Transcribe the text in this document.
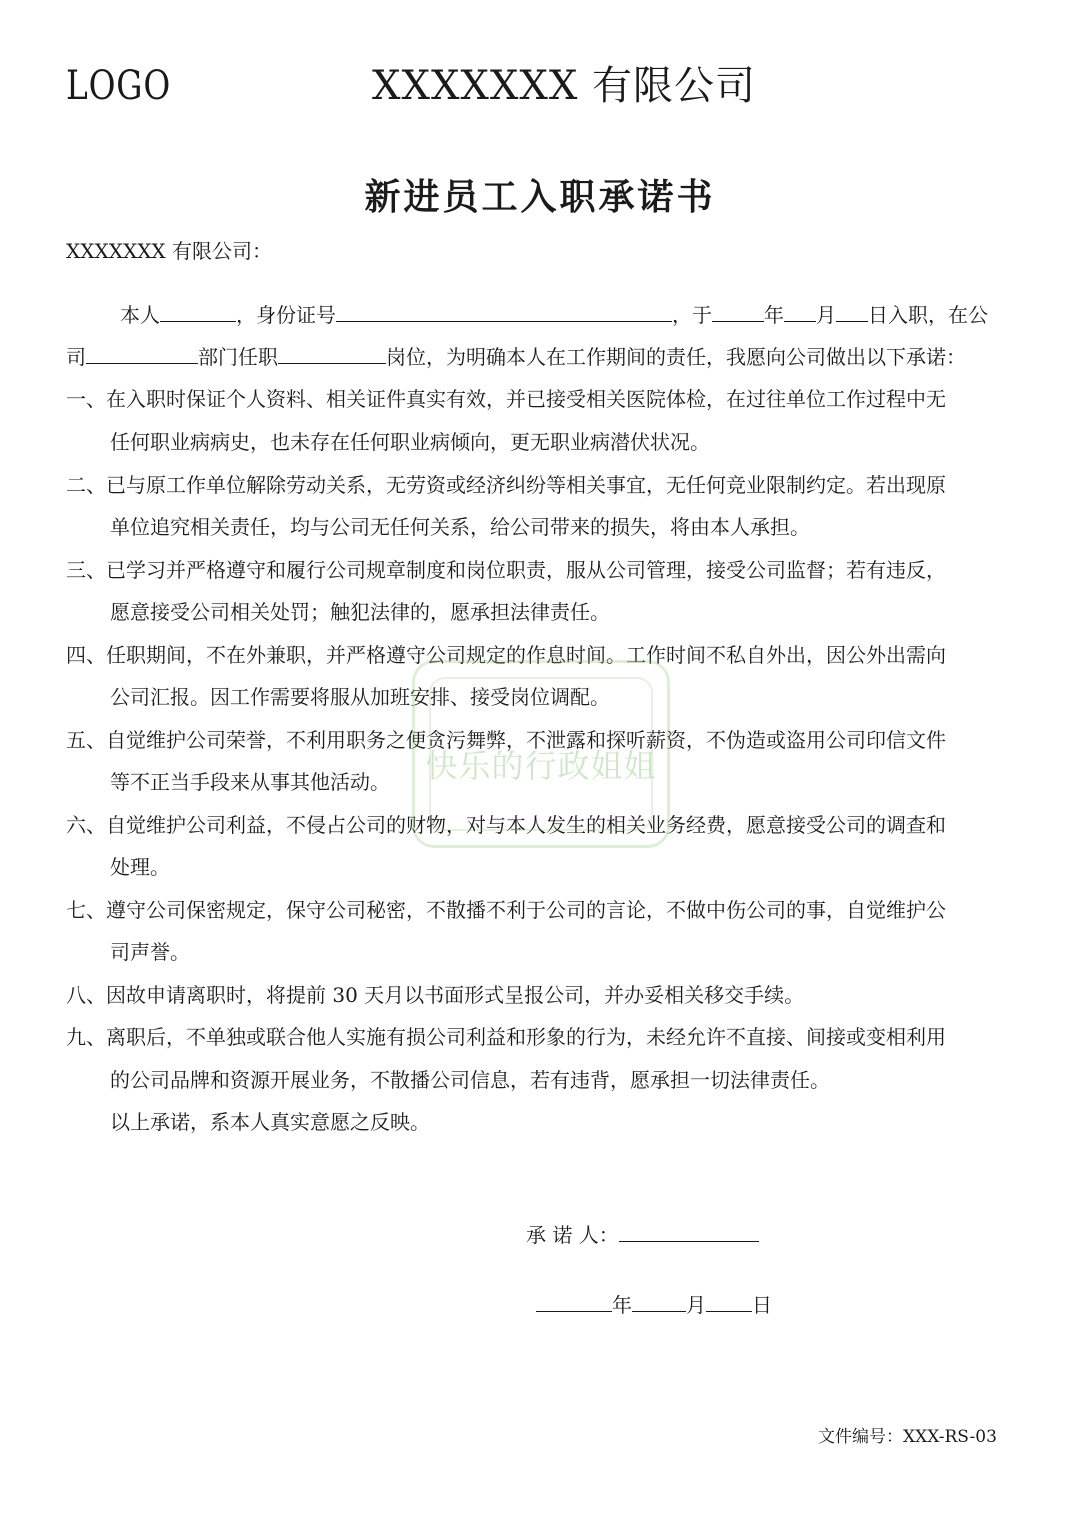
LOGO	XXXXXXX 有限公司
新进员工入职承诺书
XXXXXXX 有限公司：
本人	，身份证号	，于	年 月 日入职，在公
司	部门任职	岗位，为明确本人在工作期间的责任，我愿向公司做出以下承诺：
一、在入职时保证个人资料、相关证件真实有效，并已接受相关医院体检，在过往单位工作过程中无
任何职业病病史，也未存在任何职业病倾向，更无职业病潜伏状况。
二、已与原工作单位解除劳动关系，无劳资或经济纠纷等相关事宜，无任何竞业限制约定。若出现原
单位追究相关责任，均与公司无任何关系，给公司带来的损失，将由本人承担。
三、已学习并严格遵守和履行公司规章制度和岗位职责，服从公司管理，接受公司监督；若有违反，
愿意接受公司相关处罚；触犯法律的，愿承担法律责任。
四、任职期间，不在外兼职，并严格遵守公司规定的作息时间。工作时间不私自外出，因公外出需向
公司汇报。因工作需要将服从加班安排、接受岗位调配。
五、自觉维护公司荣誉，不利用职务之便贪污舞弊，不泄露和探听薪资，不伪造或盗用公司印信文件
等不正当手段来从事其他活动。
六、自觉维护公司利益，不侵占公司的财物，对与本人发生的相关业务经费，愿意接受公司的调查和
处理。
七、遵守公司保密规定，保守公司秘密，不散播不利于公司的言论，不做中伤公司的事，自觉维护公
司声誉。
八、因故申请离职时，将提前 30 天月以书面形式呈报公司，并办妥相关移交手续。
九、离职后，不单独或联合他人实施有损公司利益和形象的行为，未经允许不直接、间接或变相利用
的公司品牌和资源开展业务，不散播公司信息，若有违背，愿承担一切法律责任。
以上承诺，系本人真实意愿之反映。
承 诺 人：
年	月 日
文件编号：XXX-RS-03
快乐的行政姐姐
